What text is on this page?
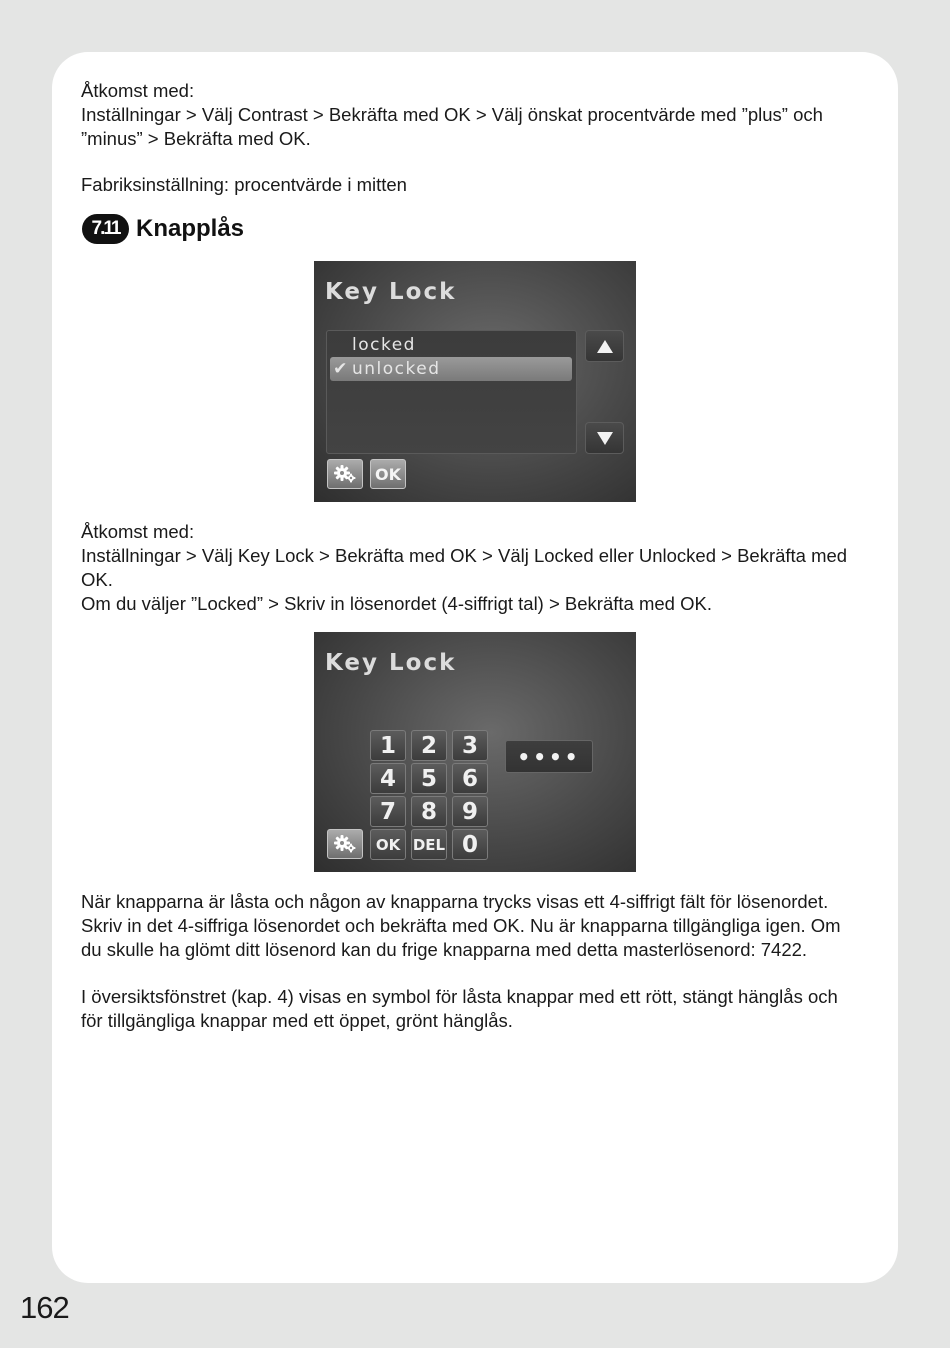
Åtkomst med:
Inställningar > Välj Contrast > Bekräfta med OK > Välj önskat procentvärde med ”plus” och
”minus” > Bekräfta med OK.

Fabriksinställning: procentvärde i mitten

7.11 Knapplås
Key Lock
locked
✔ unlocked
OK

Åtkomst med:
Inställningar > Välj Key Lock > Bekräfta med OK > Välj Locked eller Unlocked > Bekräfta med
OK.
Om du väljer ”Locked” > Skriv in lösenordet (4-siffrigt tal) > Bekräfta med OK.

Key Lock
1	2	3
4	5	6
7	8	9
OK DEL 0
••••

När knapparna är låsta och någon av knapparna trycks visas ett 4-siffrigt fält för lösenordet.
Skriv in det 4-siffriga lösenordet och bekräfta med OK. Nu är knapparna tillgängliga igen. Om
du skulle ha glömt ditt lösenord kan du frige knapparna med detta masterlösenord: 7422.

I översiktsfönstret (kap. 4) visas en symbol för låsta knappar med ett rött, stängt hänglås och
för tillgängliga knappar med ett öppet, grönt hänglås.

162
